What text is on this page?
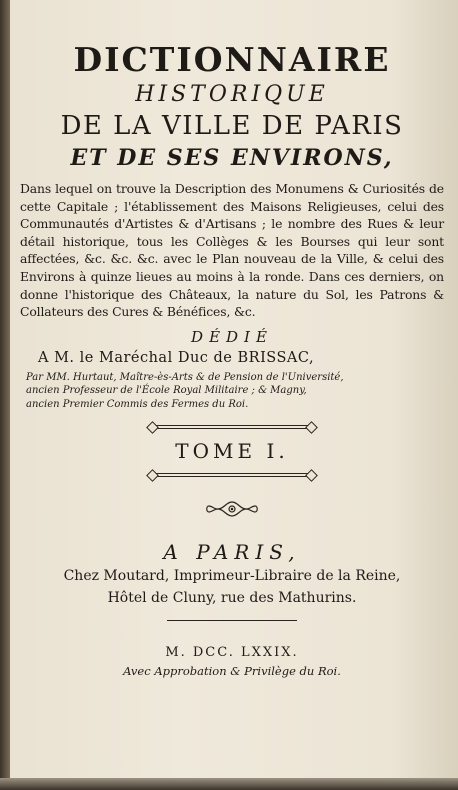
DICTIONNAIRE
HISTORIQUE
DE LA VILLE DE PARIS
ET DE SES ENVIRONS,

Dans lequel on trouve la Description des Monumens & Curiosités de cette Capitale ; l'établissement des Maisons Religieuses, celui des Communautés d'Artistes & d'Artisans ; le nombre des Rues & leur détail historique, tous les Collèges & les Bourses qui leur sont affectées, &c. &c. &c. avec le Plan nouveau de la Ville, & celui des Environs à quinze lieues au moins à la ronde. Dans ces derniers, on donne l'historique des Châteaux, la nature du Sol, les Patrons & Collateurs des Cures & Bénéfices, &c.

DÉDIÉ
A M. le Maréchal Duc de BRISSAC,
Par MM. Hurtaut, Maître-ès-Arts & de Pension de l'Université,
ancien Professeur de l'École Royal Militaire ; & Magny,
ancien Premier Commis des Fermes du Roi.
TOME I.
A PARIS,
Chez Moutard, Imprimeur-Libraire de la Reine,
Hôtel de Cluny, rue des Mathurins.
M. DCC. LXXIX.
Avec Approbation & Privilège du Roi.
